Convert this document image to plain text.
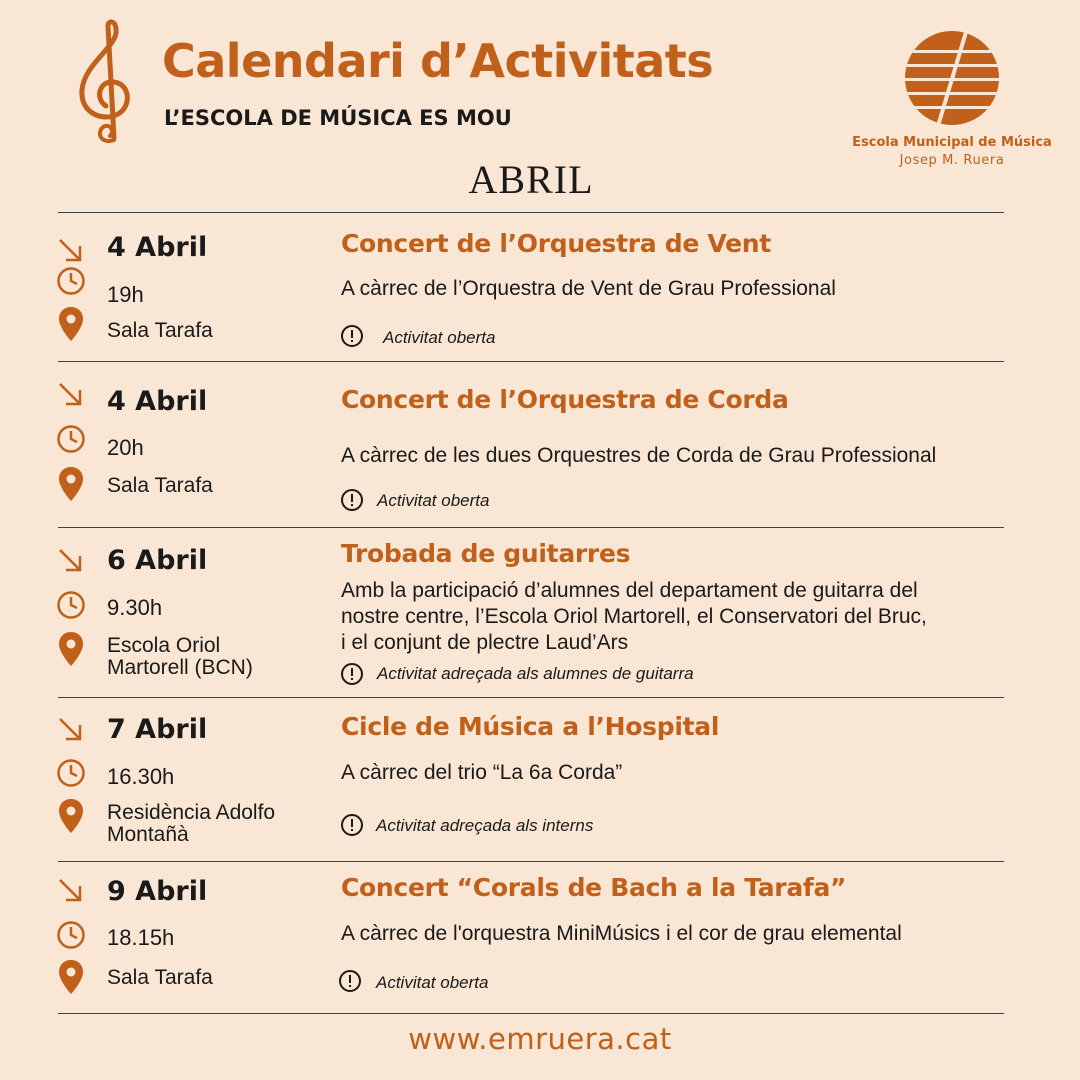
Calendari d’Activitats
L’ESCOLA DE MÚSICA ES MOU
Escola Municipal de Música
Josep M. Ruera
ABRIL
4 Abril
19h
Sala Tarafa
Concert de l’Orquestra de Vent
A càrrec de l’Orquestra de Vent de Grau Professional
Activitat oberta
4 Abril
20h
Sala Tarafa
Concert de l’Orquestra de Corda
A càrrec de les dues Orquestres de Corda de Grau Professional
Activitat oberta
6 Abril
9.30h
Escola Oriol
Martorell (BCN)
Trobada de guitarres
Amb la participació d’alumnes del departament de guitarra del
nostre centre, l’Escola Oriol Martorell, el Conservatori del Bruc,
i el conjunt de plectre Laud’Ars
Activitat adreçada als alumnes de guitarra
7 Abril
16.30h
Residència Adolfo
Montañà
Cicle de Música a l’Hospital
A càrrec del trio “La 6a Corda”
Activitat adreçada als interns
9 Abril
18.15h
Sala Tarafa
Concert “Corals de Bach a la Tarafa”
A càrrec de l'orquestra MiniMúsics i el cor de grau elemental
Activitat oberta
www.emruera.cat
